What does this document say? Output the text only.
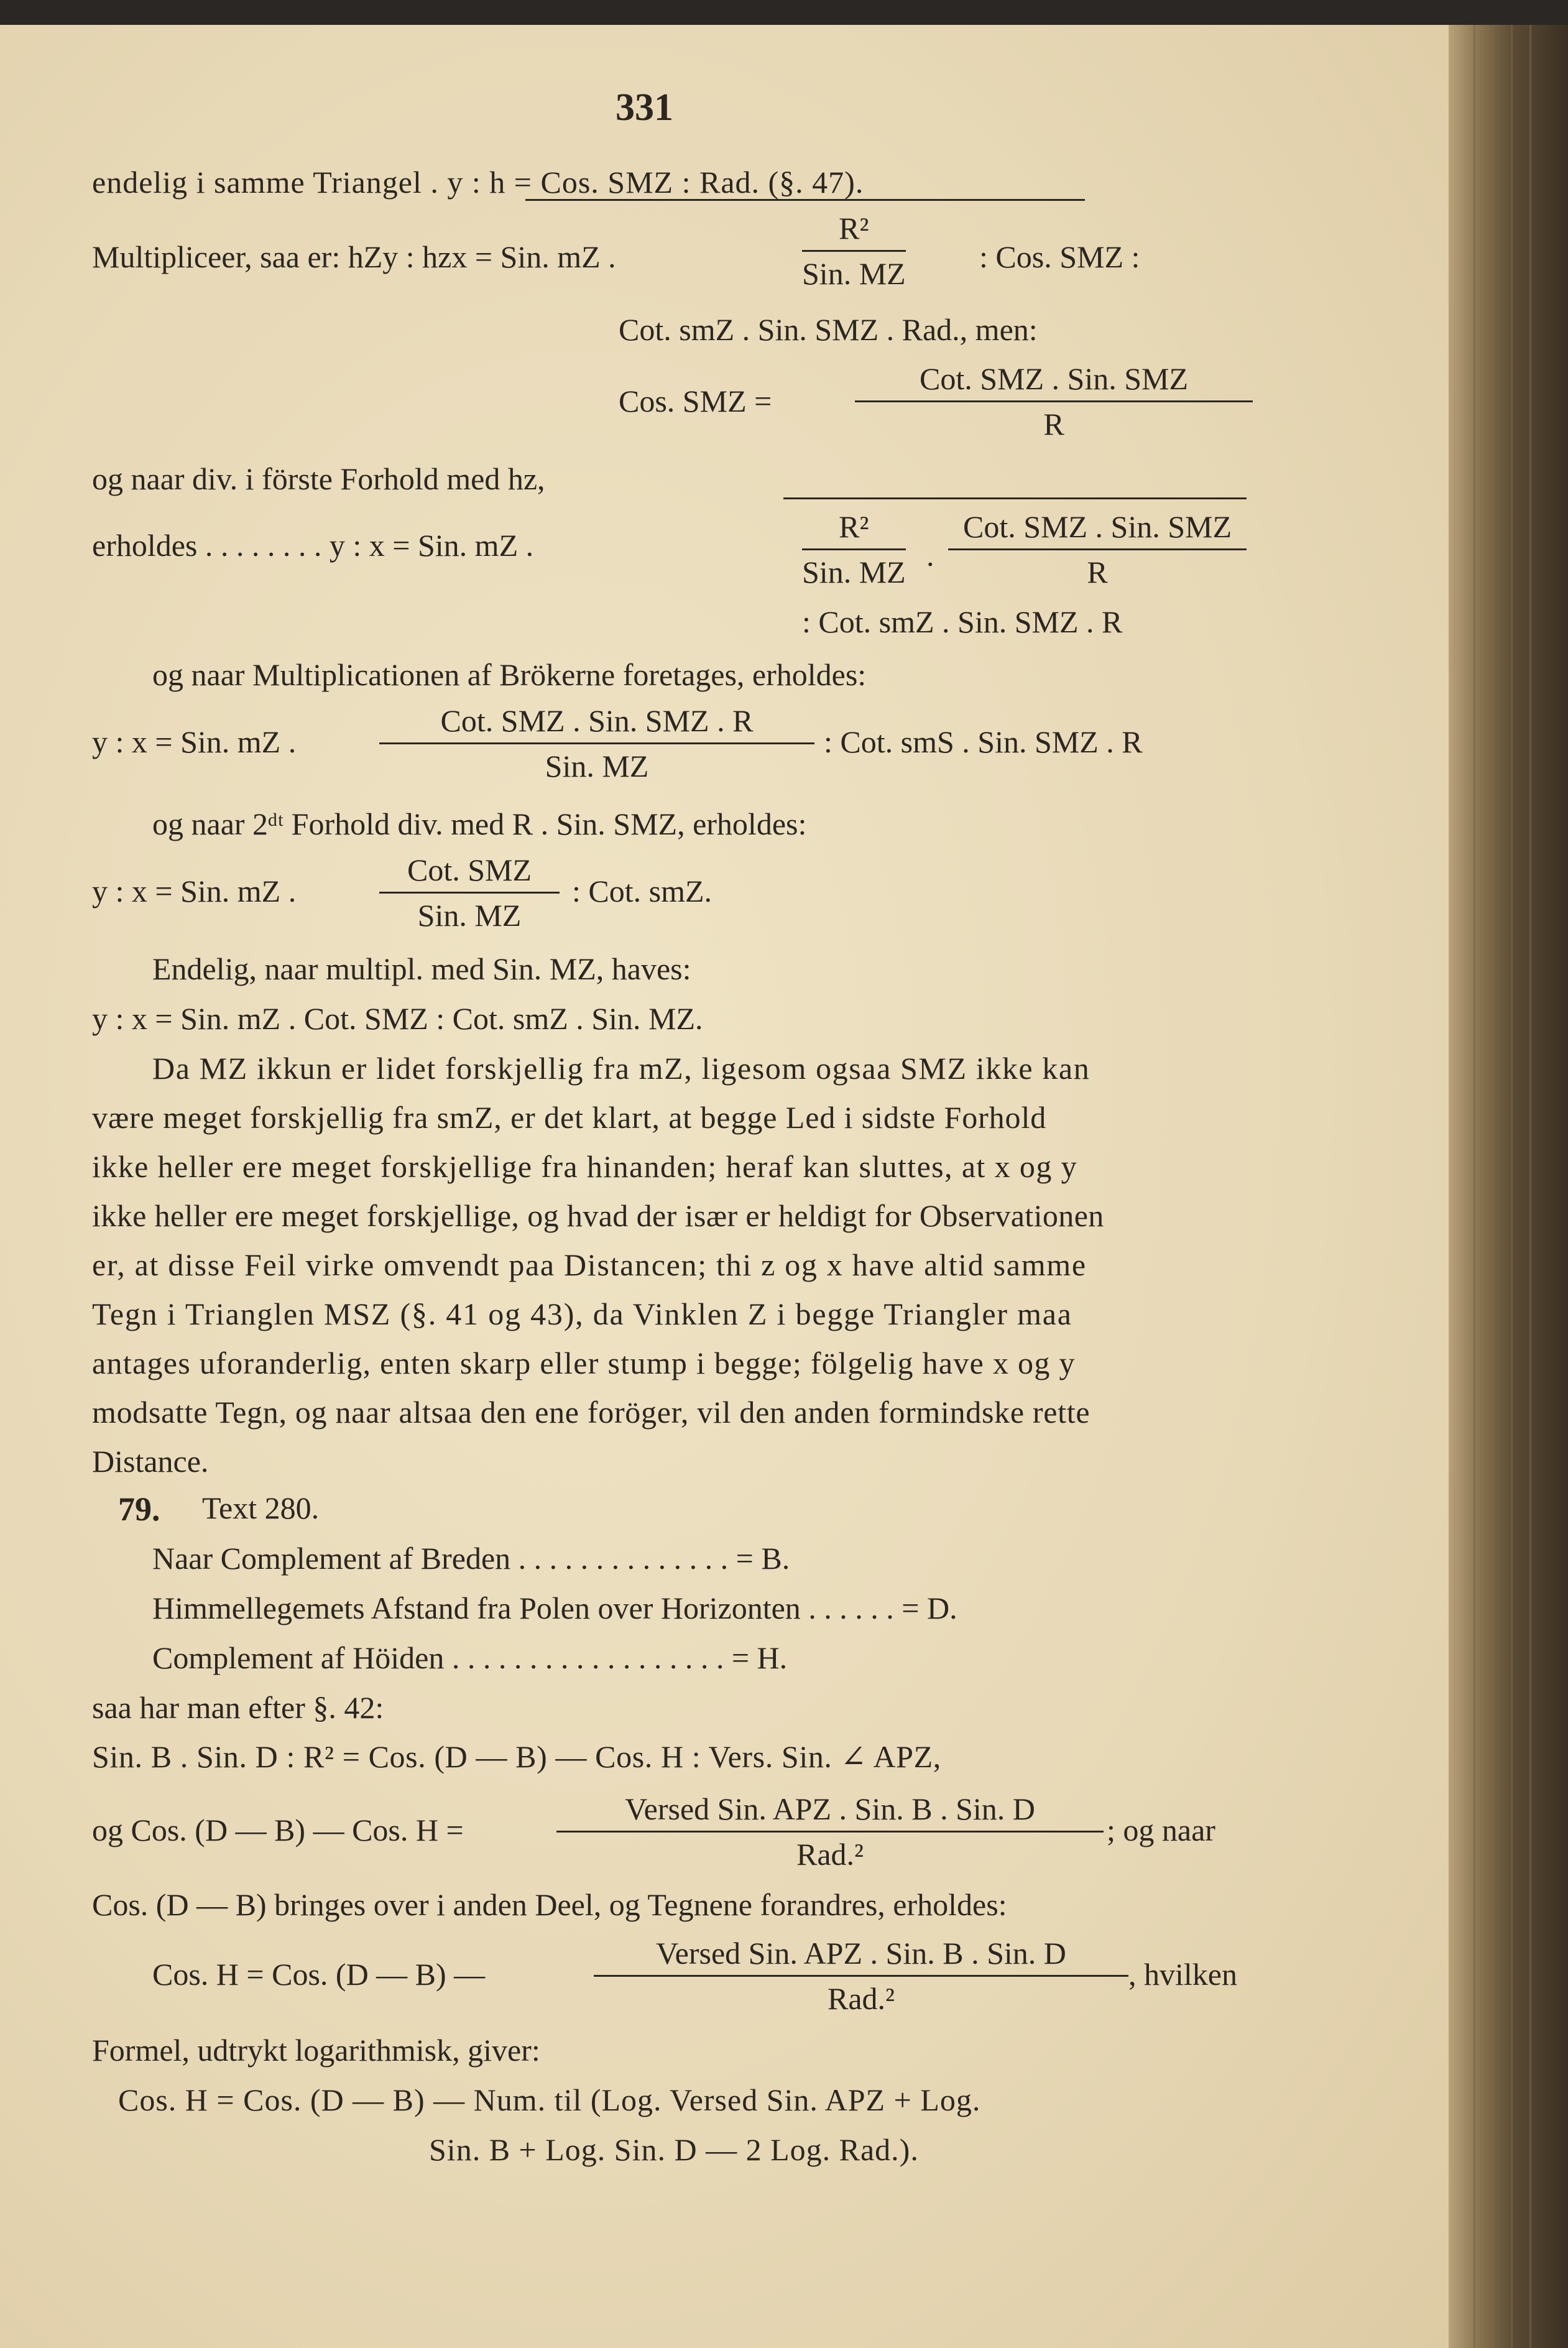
331
endelig i samme Triangel . y : h = Cos. SMZ : Rad. (§. 47).
Multipliceer, saa er: hZy : hzx = Sin. mZ .
R²
Sin. MZ : Cos. SMZ :
Cot. smZ . Sin. SMZ . Rad., men:
Cos. SMZ =
Cot. SMZ . Sin. SMZ
R
og naar div. i förste Forhold med hz,
erholdes . . . . . . . . y : x = Sin. mZ .
R²
Sin. MZ .
Cot. SMZ . Sin. SMZ
R
: Cot. smZ . Sin. SMZ . R
og naar Multiplicationen af Brökerne foretages, erholdes:
y : x = Sin. mZ .
Cot. SMZ . Sin. SMZ . R
Sin. MZ
: Cot. smS . Sin. SMZ . R
og naar 2ᵈᵗ Forhold div. med R . Sin. SMZ, erholdes:
y : x = Sin. mZ .
Cot. SMZ
Sin. MZ
: Cot. smZ.
Endelig, naar multipl. med Sin. MZ, haves:
y : x = Sin. mZ . Cot. SMZ : Cot. smZ . Sin. MZ.
Da MZ ikkun er lidet forskjellig fra mZ, ligesom ogsaa SMZ ikke kan
være meget forskjellig fra smZ, er det klart, at begge Led i sidste Forhold
ikke heller ere meget forskjellige fra hinanden; heraf kan sluttes, at x og y
ikke heller ere meget forskjellige, og hvad der især er heldigt for Observationen
er, at disse Feil virke omvendt paa Distancen; thi z og x have altid samme
Tegn i Trianglen MSZ (§. 41 og 43), da Vinklen Z i begge Triangler maa
antages uforanderlig, enten skarp eller stump i begge; fölgelig have x og y
modsatte Tegn, og naar altsaa den ene foröger, vil den anden formindske rette
Distance.
79. Text 280.
Naar Complement af Breden . . . . . . . . . . . . . . = B.
Himmellegemets Afstand fra Polen over Horizonten . . . . . . = D.
Complement af Höiden . . . . . . . . . . . . . . . . . . = H.
saa har man efter §. 42:
Sin. B . Sin. D : R² = Cos. (D — B) — Cos. H : Vers. Sin. ∠ APZ,
og Cos. (D — B) — Cos. H =
Versed Sin. APZ . Sin. B . Sin. D
Rad.²
; og naar
Cos. (D — B) bringes over i anden Deel, og Tegnene forandres, erholdes:
Cos. H = Cos. (D — B) —
Versed Sin. APZ . Sin. B . Sin. D
Rad.²
, hvilken
Formel, udtrykt logarithmisk, giver:
Cos. H = Cos. (D — B) — Num. til (Log. Versed Sin. APZ + Log.
Sin. B + Log. Sin. D — 2 Log. Rad.).
